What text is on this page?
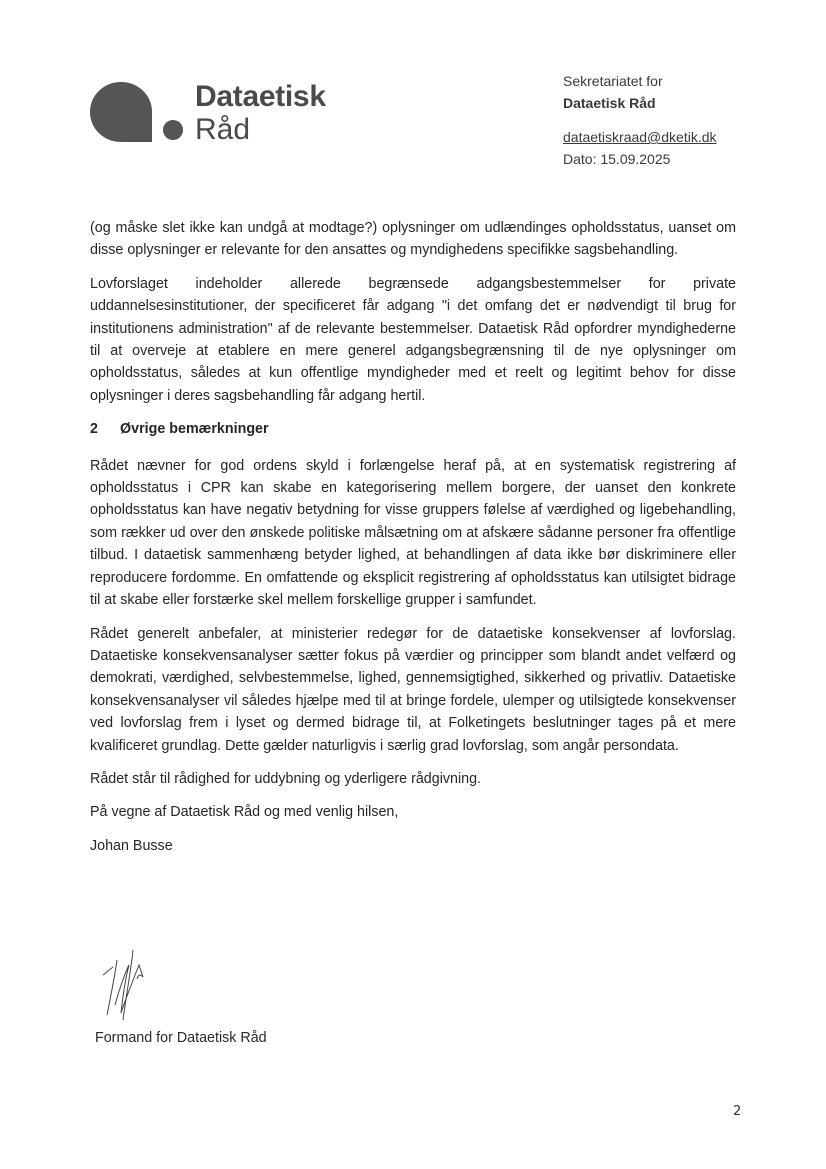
Dataetisk
Råd
Sekretariatet for
Dataetisk Råd
dataetiskraad@dketik.dk
Dato: 15.09.2025

(og måske slet ikke kan undgå at modtage?) oplysninger om udlændinges opholdsstatus, uanset om disse oplysninger er relevante for den ansattes og myndighedens specifikke sagsbehandling.

Lovforslaget indeholder allerede begrænsede adgangsbestemmelser for private uddannelsesinstitutioner, der specificeret får adgang "i det omfang det er nødvendigt til brug for institutionens administration" af de relevante bestemmelser. Dataetisk Råd opfordrer myndighederne til at overveje at etablere en mere generel adgangsbegrænsning til de nye oplysninger om opholdsstatus, således at kun offentlige myndigheder med et reelt og legitimt behov for disse oplysninger i deres sagsbehandling får adgang hertil.

2 Øvrige bemærkninger

Rådet nævner for god ordens skyld i forlængelse heraf på, at en systematisk registrering af opholdsstatus i CPR kan skabe en kategorisering mellem borgere, der uanset den konkrete opholdsstatus kan have negativ betydning for visse gruppers følelse af værdighed og ligebehandling, som rækker ud over den ønskede politiske målsætning om at afskære sådanne personer fra offentlige tilbud. I dataetisk sammenhæng betyder lighed, at behandlingen af data ikke bør diskriminere eller reproducere fordomme. En omfattende og eksplicit registrering af opholdsstatus kan utilsigtet bidrage til at skabe eller forstærke skel mellem forskellige grupper i samfundet.

Rådet generelt anbefaler, at ministerier redegør for de dataetiske konsekvenser af lovforslag. Dataetiske konsekvensanalyser sætter fokus på værdier og principper som blandt andet velfærd og demokrati, værdighed, selvbestemmelse, lighed, gennemsigtighed, sikkerhed og privatliv. Dataetiske konsekvensanalyser vil således hjælpe med til at bringe fordele, ulemper og utilsigtede konsekvenser ved lovforslag frem i lyset og dermed bidrage til, at Folketingets beslutninger tages på et mere kvalificeret grundlag. Dette gælder naturligvis i særlig grad lovforslag, som angår persondata.

Rådet står til rådighed for uddybning og yderligere rådgivning.

På vegne af Dataetisk Råd og med venlig hilsen,

Johan Busse

Formand for Dataetisk Råd
2
